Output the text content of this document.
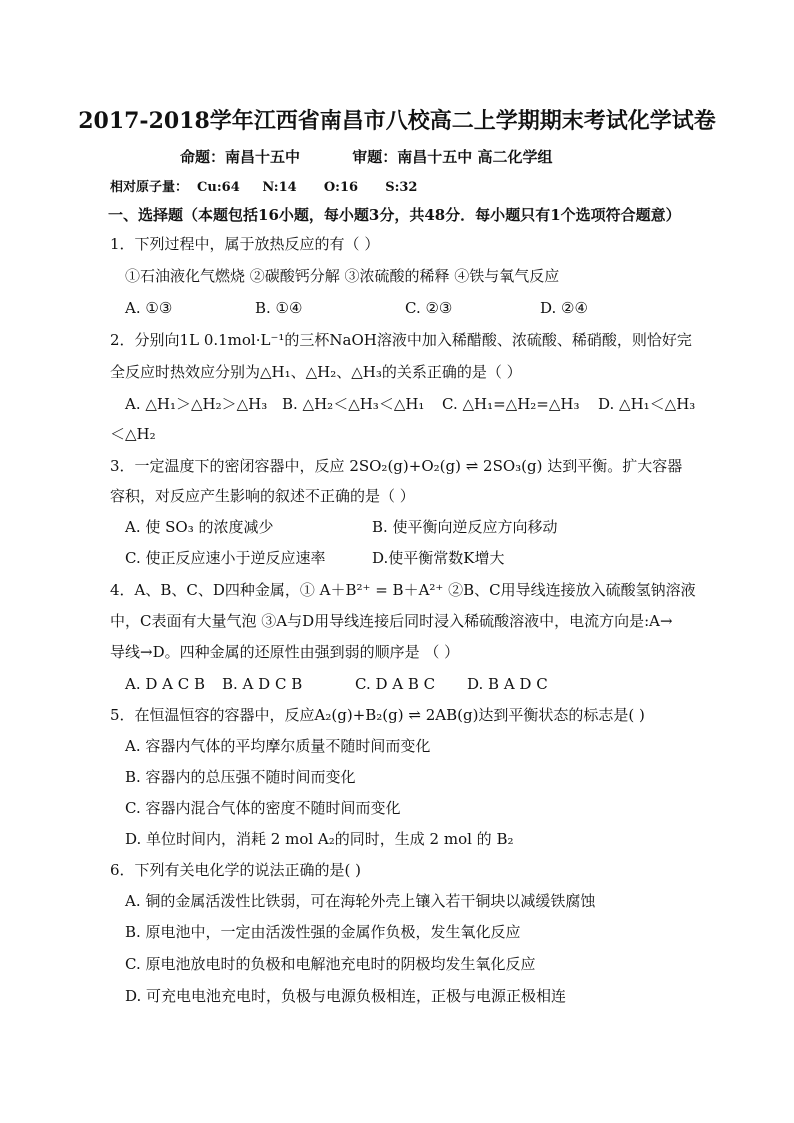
2017-2018学年江西省南昌市八校高二上学期期末考试化学试卷
命题：南昌十五中          审题：南昌十五中 高二化学组
相对原子量：  Cu:64     N:14      O:16      S:32
一、选择题（本题包括16小题，每小题3分，共48分．每小题只有1个选项符合题意）
1．下列过程中，属于放热反应的有（ ）
①石油液化气燃烧 ②碳酸钙分解 ③浓硫酸的稀释 ④铁与氧气反应
A. ①③	B. ①④	C. ②③	D. ②④
2．分别向1L 0.1mol·L⁻¹的三杯NaOH溶液中加入稀醋酸、浓硫酸、稀硝酸，则恰好完
全反应时热效应分别为△H₁、△H₂、△H₃的关系正确的是（ ）
A. △H₁＞△H₂＞△H₃ B. △H₂＜△H₃＜△H₁ C. △H₁=△H₂=△H₃ D. △H₁＜△H₃
＜△H₂
3．一定温度下的密闭容器中，反应 2SO₂(g)+O₂(g) ⇌ 2SO₃(g) 达到平衡。扩大容器
容积，对反应产生影响的叙述不正确的是（ ）
A. 使 SO₃ 的浓度减少	B. 使平衡向逆反应方向移动
C. 使正反应速小于逆反应速率	D.使平衡常数K增大
4．A、B、C、D四种金属，① A＋B²⁺ = B＋A²⁺ ②B、C用导线连接放入硫酸氢钠溶液
中，C表面有大量气泡 ③A与D用导线连接后同时浸入稀硫酸溶液中，电流方向是:A→
导线→D。四种金属的还原性由强到弱的顺序是 （ ）
A. D A C B B. A D C B	C. D A B C D. B A D C
5．在恒温恒容的容器中，反应A₂(g)+B₂(g) ⇌ 2AB(g)达到平衡状态的标志是( )
A. 容器内气体的平均摩尔质量不随时间而变化
B. 容器内的总压强不随时间而变化
C. 容器内混合气体的密度不随时间而变化
D. 单位时间内，消耗 2 mol A₂的同时，生成 2 mol 的 B₂
6．下列有关电化学的说法正确的是( )
A. 铜的金属活泼性比铁弱，可在海轮外壳上镶入若干铜块以减缓铁腐蚀
B. 原电池中，一定由活泼性强的金属作负极，发生氧化反应
C. 原电池放电时的负极和电解池充电时的阴极均发生氧化反应
D. 可充电电池充电时，负极与电源负极相连，正极与电源正极相连
